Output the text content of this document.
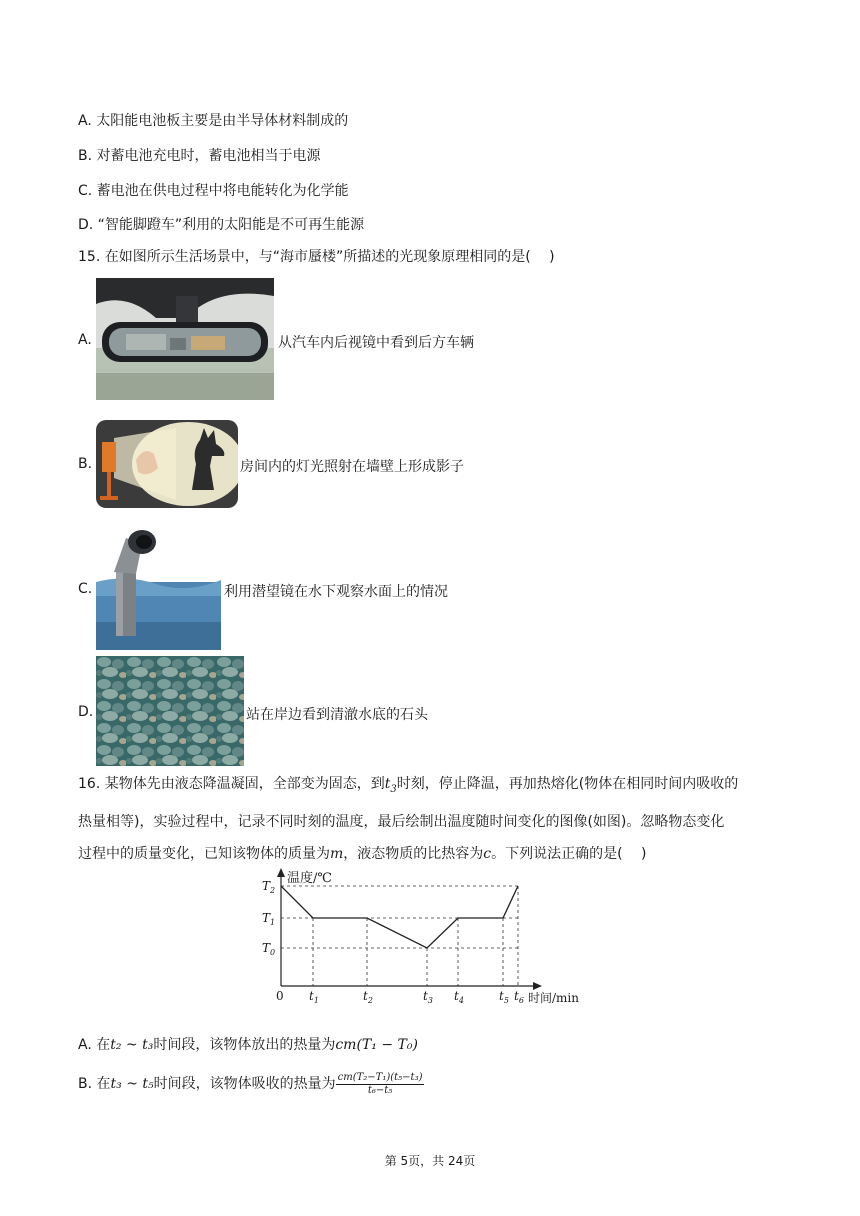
A. 太阳能电池板主要是由半导体材料制成的
B. 对蓄电池充电时，蓄电池相当于电源
C. 蓄电池在供电过程中将电能转化为化学能
D. “智能脚蹬车”利用的太阳能是不可再生能源
15. 在如图所示生活场景中，与“海市蜃楼”所描述的光现象原理相同的是(　 )
A.	从汽车内后视镜中看到后方车辆
B.	房间内的灯光照射在墙壁上形成影子
C.	利用潜望镜在水下观察水面上的情况
D.	站在岸边看到清澈水底的石头
16. 某物体先由液态降温凝固，全部变为固态，到$t_3$时刻，停止降温，再加热熔化(物体在相同时间内吸收的
热量相等)，实验过程中，记录不同时刻的温度，最后绘制出温度随时间变化的图像(如图)。忽略物态变化
过程中的质量变化，已知该物体的质量为m，液态物质的比热容为c。下列说法正确的是(　 )
$T_2$
$T_1$
$T_0$
$t_1$	$t_2$	$t_3$ $t_4$	$t_5$ $t_6$
0
温度/℃
时间/min
A. 在t₂ ~ t₃时间段，该物体放出的热量为cm(T₁ − T₀)
B. 在t₃ ~ t₅时间段，该物体吸收的热量为 $\frac{\text{cm(T₂−T₁)(t₅−t₃)}}{\text{t₆−t₅}}$
第 5页，共 24页
